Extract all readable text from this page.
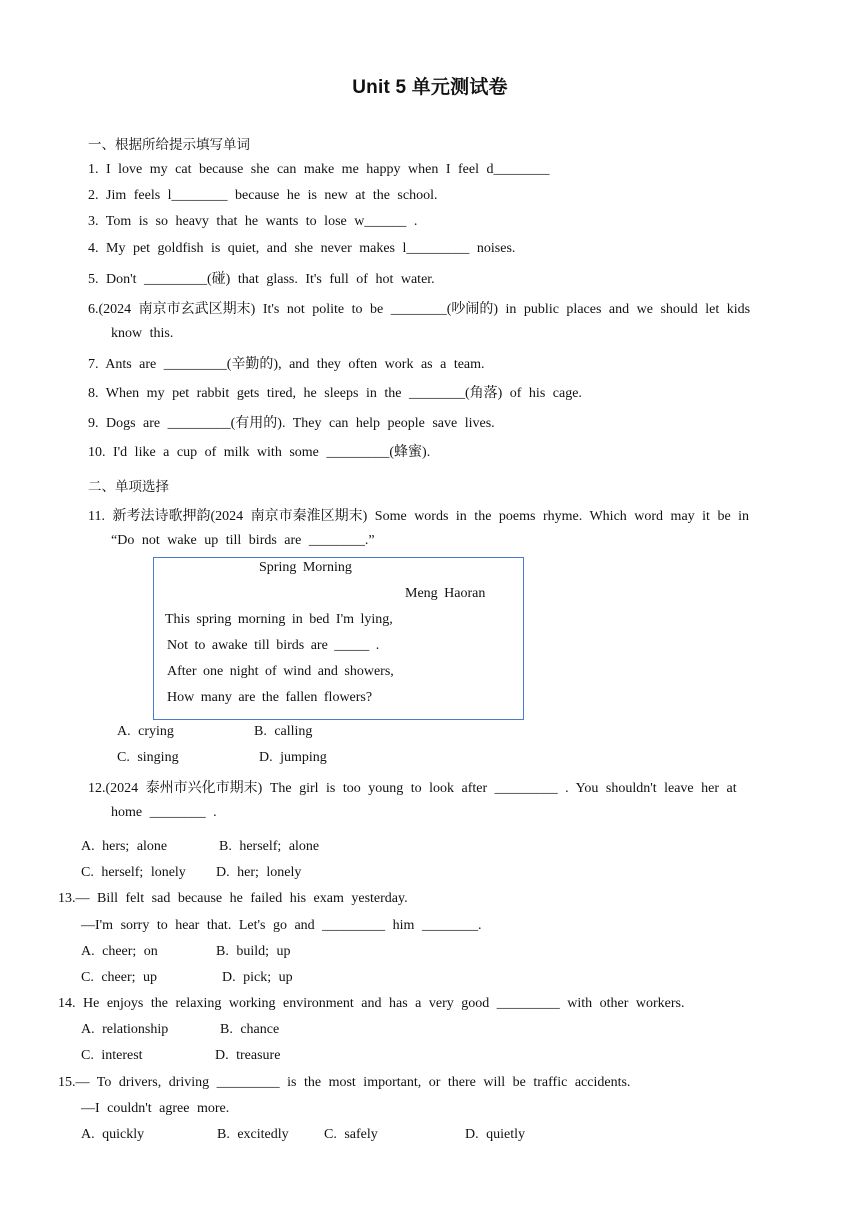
Unit 5 单元测试卷
一、根据所给提示填写单词
1. I love my cat because she can make me happy when I feel d________
2. Jim feels l________ because he is new at the school.
3. Tom is so heavy that he wants to lose w______ .
4. My pet goldfish is quiet, and she never makes l_________ noises.
5. Don't _________(碰) that glass. It's full of hot water.
6.(2024 南京市玄武区期末) It's not polite to be ________(吵闹的) in public places and we should let kids
know this.
7. Ants are _________(辛勤的), and they often work as a team.
8. When my pet rabbit gets tired, he sleeps in the ________(角落) of his cage.
9. Dogs are _________(有用的). They can help people save lives.
10. I'd like a cup of milk with some _________(蜂蜜).
二、单项选择
11. 新考法诗歌押韵(2024 南京市秦淮区期末) Some words in the poems rhyme. Which word may it be in
“Do not wake up till birds are ________.”
Spring Morning
Meng Haoran
This spring morning in bed I'm lying,
Not to awake till birds are _____ .
After one night of wind and showers,
How many are the fallen flowers?
A. crying	B. calling
C. singing	D. jumping
12.(2024 泰州市兴化市期末) The girl is too young to look after _________ . You shouldn't leave her at
home ________ .
A. hers; alone	B. herself; alone
C. herself; lonely D. her; lonely
13.— Bill felt sad because he failed his exam yesterday.
—I'm sorry to hear that. Let's go and _________ him ________.
A. cheer; on	B. build; up
C. cheer; up	D. pick; up
14. He enjoys the relaxing working environment and has a very good _________ with other workers.
A. relationship	B. chance
C. interest	D. treasure
15.— To drivers, driving _________ is the most important, or there will be traffic accidents.
—I couldn't agree more.
A. quickly	B. excitedly	C. safely	D. quietly
